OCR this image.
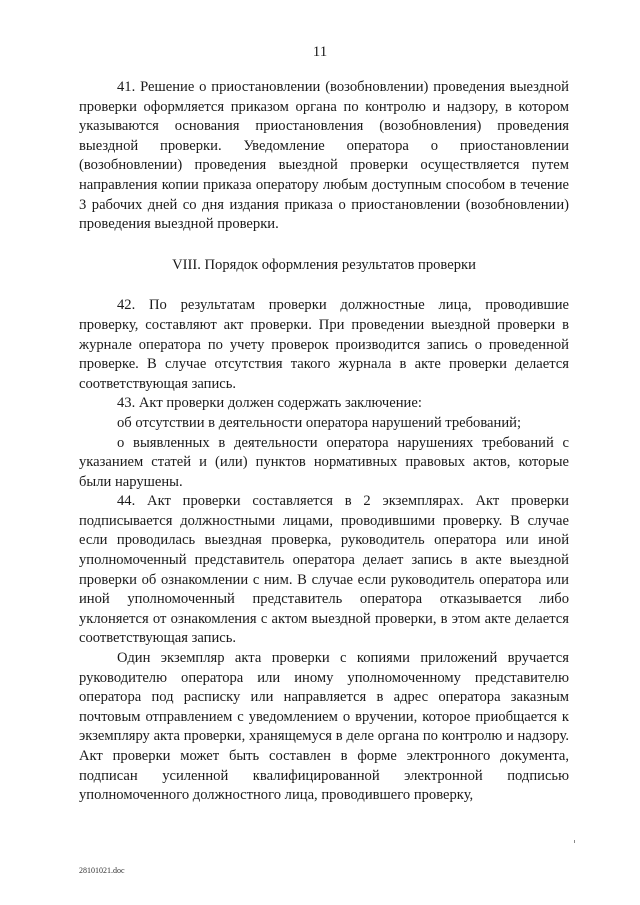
11

41. Решение о приостановлении (возобновлении) проведения выездной проверки оформляется приказом органа по контролю и надзору, в котором указываются основания приостановления (возобновления) проведения выездной проверки. Уведомление оператора о приостановлении (возобновлении) проведения выездной проверки осуществляется путем направления копии приказа оператору любым доступным способом в течение 3 рабочих дней со дня издания приказа о приостановлении (возобновлении) проведения выездной проверки.

VIII. Порядок оформления результатов проверки

42. По результатам проверки должностные лица, проводившие проверку, составляют акт проверки. При проведении выездной проверки в журнале оператора по учету проверок производится запись о проведенной проверке. В случае отсутствия такого журнала в акте проверки делается соответствующая запись.

43. Акт проверки должен содержать заключение:

об отсутствии в деятельности оператора нарушений требований;

о выявленных в деятельности оператора нарушениях требований с указанием статей и (или) пунктов нормативных правовых актов, которые были нарушены.

44. Акт проверки составляется в 2 экземплярах. Акт проверки подписывается должностными лицами, проводившими проверку. В случае если проводилась выездная проверка, руководитель оператора или иной уполномоченный представитель оператора делает запись в акте выездной проверки об ознакомлении с ним. В случае если руководитель оператора или иной уполномоченный представитель оператора отказывается либо уклоняется от ознакомления с актом выездной проверки, в этом акте делается соответствующая запись.

Один экземпляр акта проверки с копиями приложений вручается руководителю оператора или иному уполномоченному представителю оператора под расписку или направляется в адрес оператора заказным почтовым отправлением с уведомлением о вручении, которое приобщается к экземпляру акта проверки, хранящемуся в деле органа по контролю и надзору. Акт проверки может быть составлен в форме электронного документа, подписан усиленной квалифицированной электронной подписью уполномоченного должностного лица, проводившего проверку,

28101021.doc
